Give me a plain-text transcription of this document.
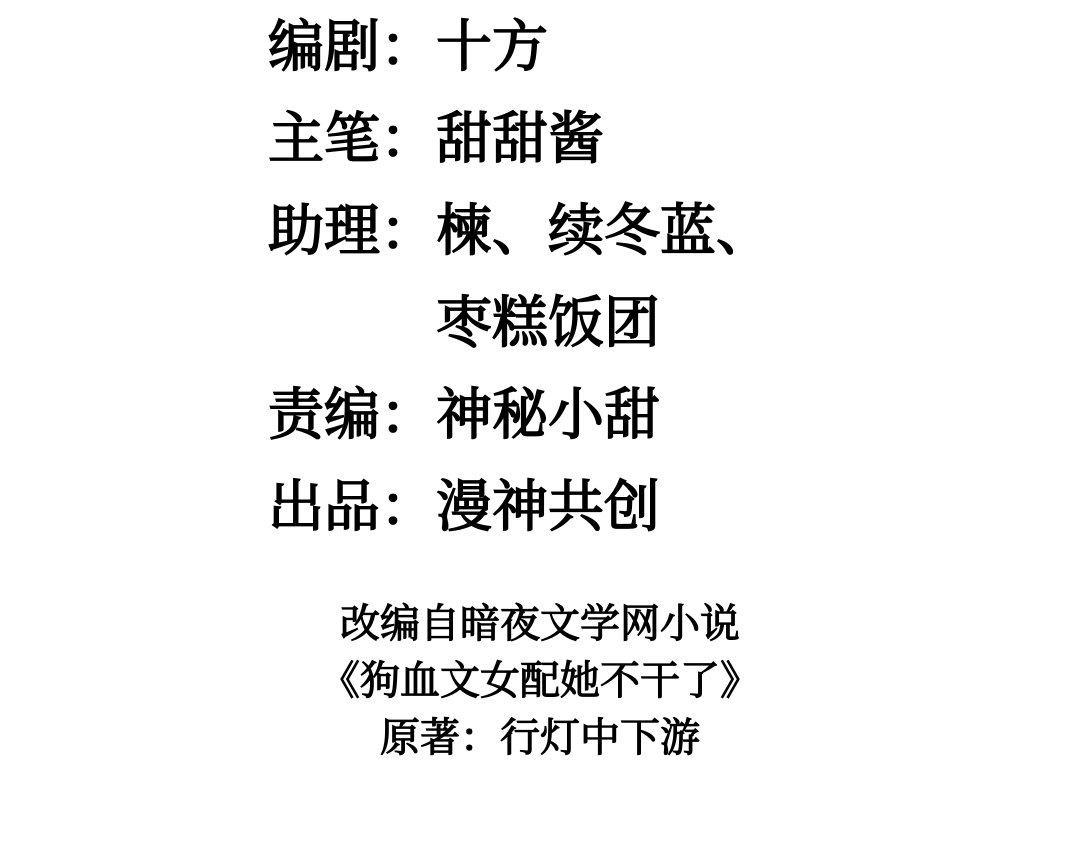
编剧： 十方
主笔： 甜甜酱
助理： 楝、续冬蓝、
枣糕饭团
责编： 神秘小甜
出品： 漫神共创
改编自暗夜文学网小说
《狗血文女配她不干了》
原著：行灯中下游
